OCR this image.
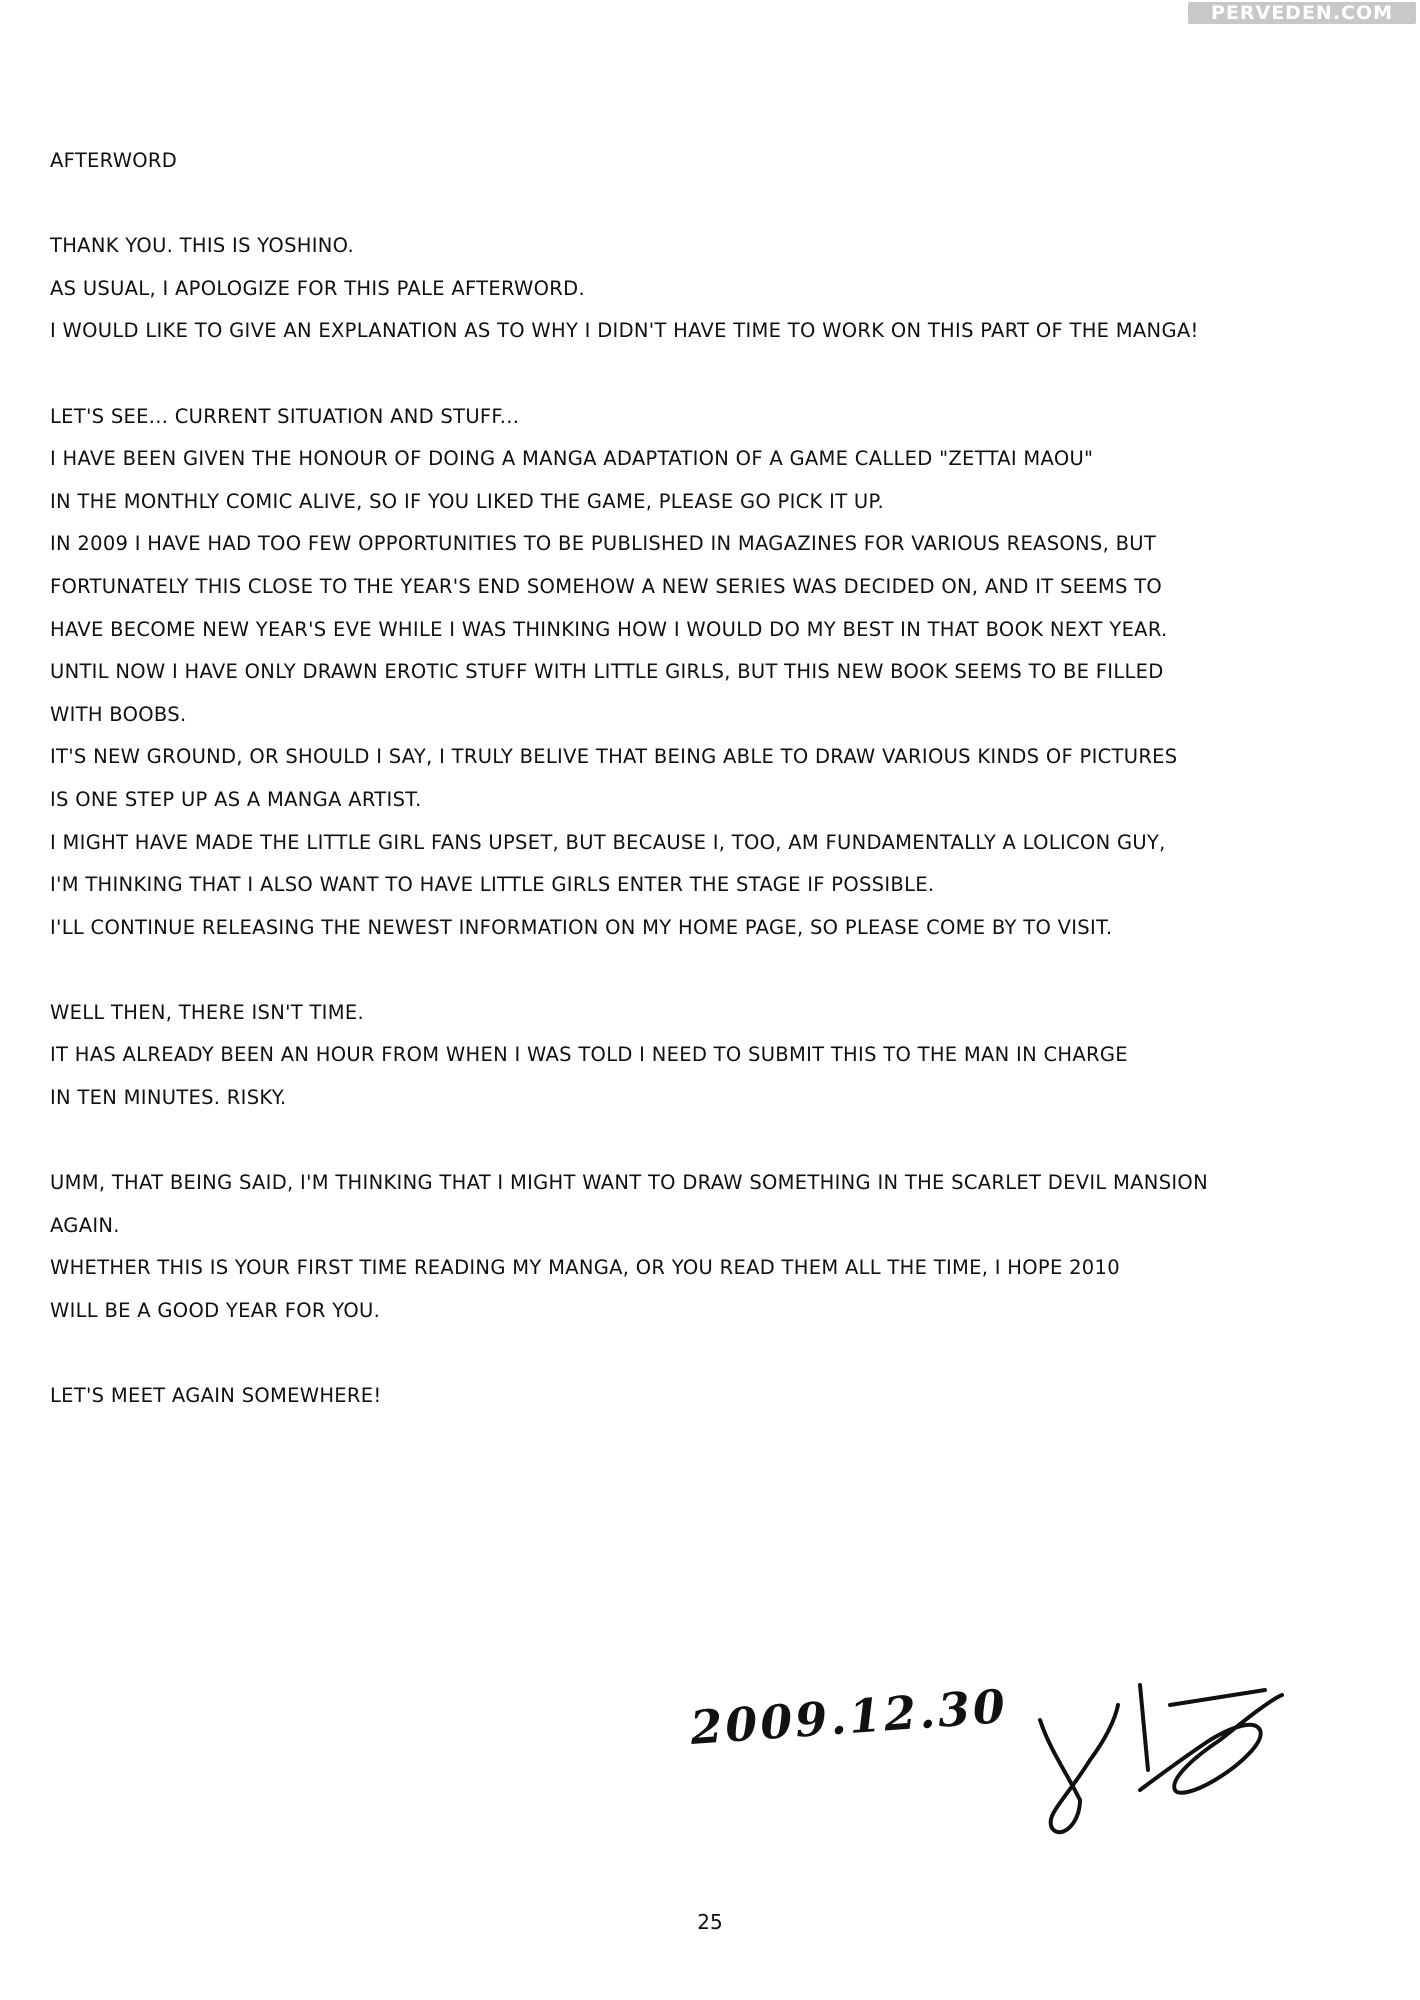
PERVEDEN.COM
AFTERWORD
THANK YOU. THIS IS YOSHINO.
AS USUAL, I APOLOGIZE FOR THIS PALE AFTERWORD.
I WOULD LIKE TO GIVE AN EXPLANATION AS TO WHY I DIDN'T HAVE TIME TO WORK ON THIS PART OF THE MANGA!
LET'S SEE... CURRENT SITUATION AND STUFF...
I HAVE BEEN GIVEN THE HONOUR OF DOING A MANGA ADAPTATION OF A GAME CALLED "ZETTAI MAOU"
IN THE MONTHLY COMIC ALIVE, SO IF YOU LIKED THE GAME, PLEASE GO PICK IT UP.
IN 2009 I HAVE HAD TOO FEW OPPORTUNITIES TO BE PUBLISHED IN MAGAZINES FOR VARIOUS REASONS, BUT
FORTUNATELY THIS CLOSE TO THE YEAR'S END SOMEHOW A NEW SERIES WAS DECIDED ON, AND IT SEEMS TO
HAVE BECOME NEW YEAR'S EVE WHILE I WAS THINKING HOW I WOULD DO MY BEST IN THAT BOOK NEXT YEAR.
UNTIL NOW I HAVE ONLY DRAWN EROTIC STUFF WITH LITTLE GIRLS, BUT THIS NEW BOOK SEEMS TO BE FILLED
WITH BOOBS.
IT'S NEW GROUND, OR SHOULD I SAY, I TRULY BELIVE THAT BEING ABLE TO DRAW VARIOUS KINDS OF PICTURES
IS ONE STEP UP AS A MANGA ARTIST.
I MIGHT HAVE MADE THE LITTLE GIRL FANS UPSET, BUT BECAUSE I, TOO, AM FUNDAMENTALLY A LOLICON GUY,
I'M THINKING THAT I ALSO WANT TO HAVE LITTLE GIRLS ENTER THE STAGE IF POSSIBLE.
I'LL CONTINUE RELEASING THE NEWEST INFORMATION ON MY HOME PAGE, SO PLEASE COME BY TO VISIT.
WELL THEN, THERE ISN'T TIME.
IT HAS ALREADY BEEN AN HOUR FROM WHEN I WAS TOLD I NEED TO SUBMIT THIS TO THE MAN IN CHARGE
IN TEN MINUTES. RISKY.
UMM, THAT BEING SAID, I'M THINKING THAT I MIGHT WANT TO DRAW SOMETHING IN THE SCARLET DEVIL MANSION
AGAIN.
WHETHER THIS IS YOUR FIRST TIME READING MY MANGA, OR YOU READ THEM ALL THE TIME, I HOPE 2010
WILL BE A GOOD YEAR FOR YOU.
LET'S MEET AGAIN SOMEWHERE!
2009.12.30
25
